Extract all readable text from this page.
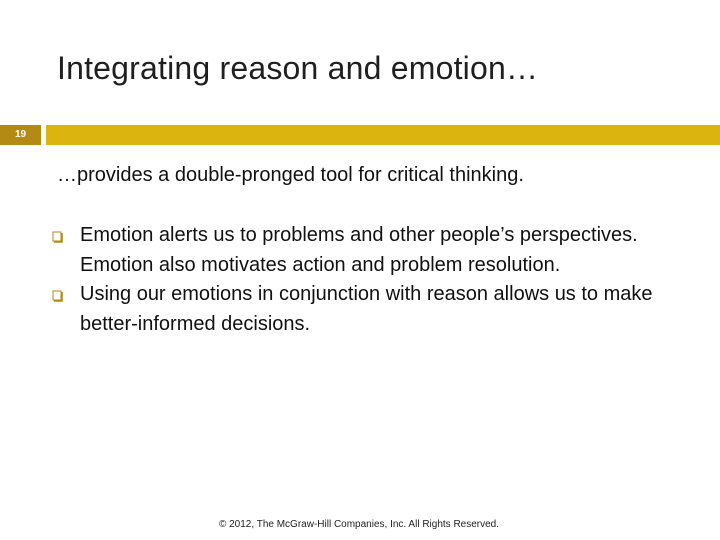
Integrating reason and emotion…
19
…provides a double-pronged tool for critical thinking.
Emotion alerts us to problems and other people’s perspectives. Emotion also motivates action and problem resolution.
Using our emotions in conjunction with reason allows us to make better-informed decisions.
© 2012, The McGraw-Hill Companies, Inc. All Rights Reserved.
